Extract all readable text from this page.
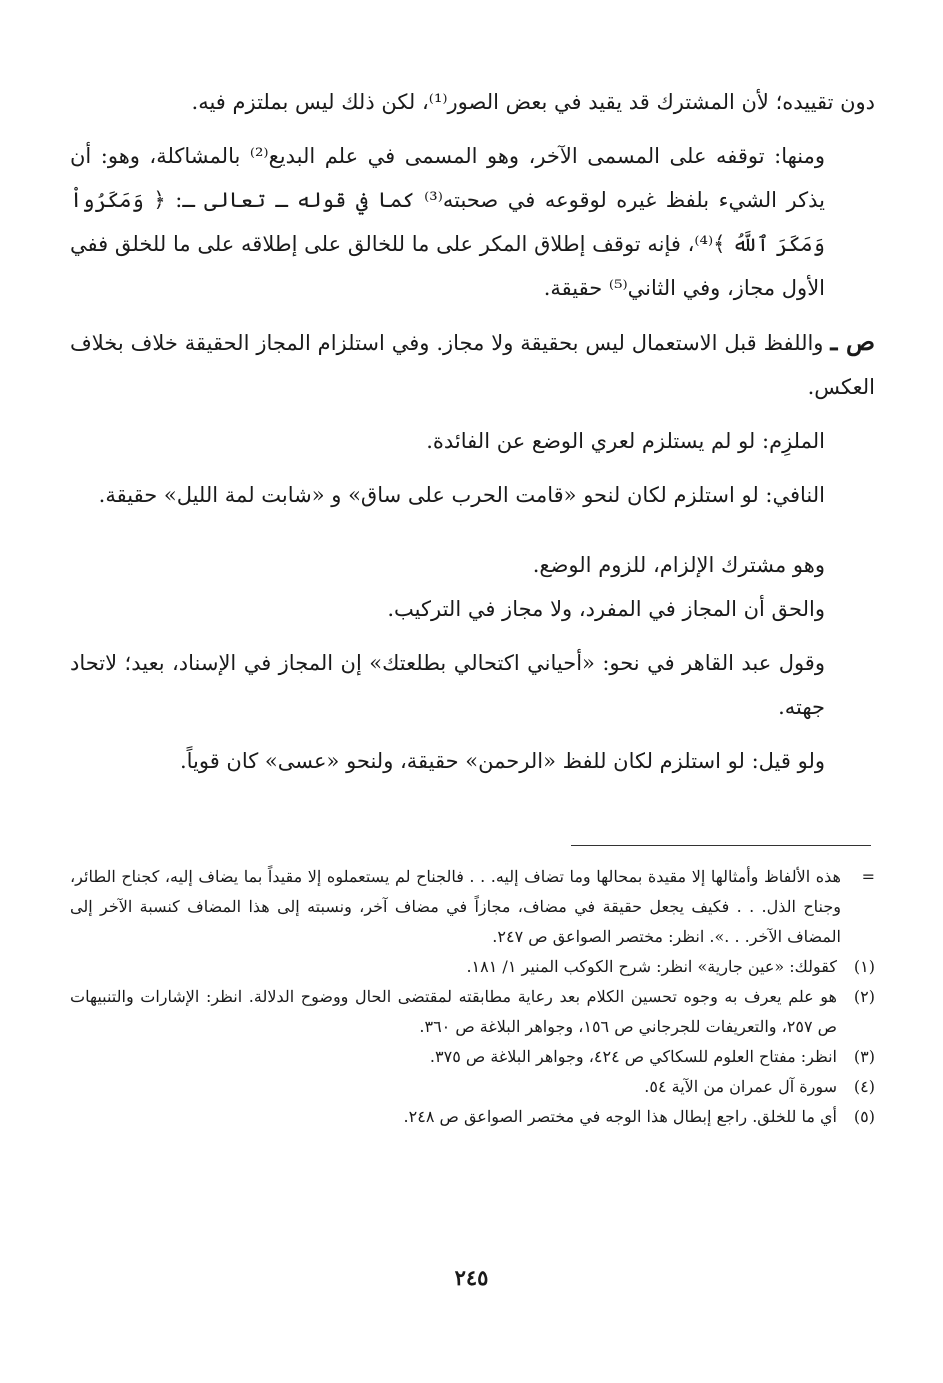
دون تقييده؛ لأن المشترك قد يقيد في بعض الصور⁽¹⁾، لكن ذلك ليس بملتزم فيه.

ومنها: توقفه على المسمى الآخر، وهو المسمى في علم البديع⁽²⁾ بالمشاكلة، وهو: أن يذكر الشيء بلفظ غيره لوقوعه في صحبته⁽³⁾ كما في قوله ـ تعالى ـ: ﴿ وَمَكَرُواْ وَمَكَرَ ٱللَّهُ ﴾⁽⁴⁾، فإنه توقف إطلاق المكر على ما للخالق على إطلاقه على ما للخلق ففي الأول مجاز، وفي الثاني⁽⁵⁾ حقيقة.

ص ـ واللفظ قبل الاستعمال ليس بحقيقة ولا مجاز. وفي استلزام المجاز الحقيقة خلاف بخلاف العكس.

الملزِم: لو لم يستلزم لعري الوضع عن الفائدة.

النافي: لو استلزم لكان لنحو «قامت الحرب على ساق» و «شابت لمة الليل» حقيقة.

وهو مشترك الإلزام، للزوم الوضع.

والحق أن المجاز في المفرد، ولا مجاز في التركيب.

وقول عبد القاهر في نحو: «أحياني اكتحالي بطلعتك» إن المجاز في الإسناد، بعيد؛ لاتحاد جهته.

ولو قيل: لو استلزم لكان للفظ «الرحمن» حقيقة، ولنحو «عسى» كان قوياً.

=
هذه الألفاظ وأمثالها إلا مقيدة بمحالها وما تضاف إليه. . . فالجناح لم يستعملوه إلا مقيداً بما يضاف إليه، كجناح الطائر، وجناح الذل. . . فكيف يجعل حقيقة في مضاف، مجازاً في مضاف آخر، ونسبته إلى هذا المضاف كنسبة الآخر إلى المضاف الآخر. . .». انظر: مختصر الصواعق ص ٢٤٧.
(١)
كقولك: «عين جارية» انظر: شرح الكوكب المنير ١/ ١٨١.
(٢)
هو علم يعرف به وجوه تحسين الكلام بعد رعاية مطابقته لمقتضى الحال ووضوح الدلالة. انظر: الإشارات والتنبيهات ص ٢٥٧، والتعريفات للجرجاني ص ١٥٦، وجواهر البلاغة ص ٣٦٠.
(٣)
انظر: مفتاح العلوم للسكاكي ص ٤٢٤، وجواهر البلاغة ص ٣٧٥.
(٤)
سورة آل عمران من الآية ٥٤.
(٥)
أي ما للخلق. راجع إبطال هذا الوجه في مختصر الصواعق ص ٢٤٨.
٢٤٥
